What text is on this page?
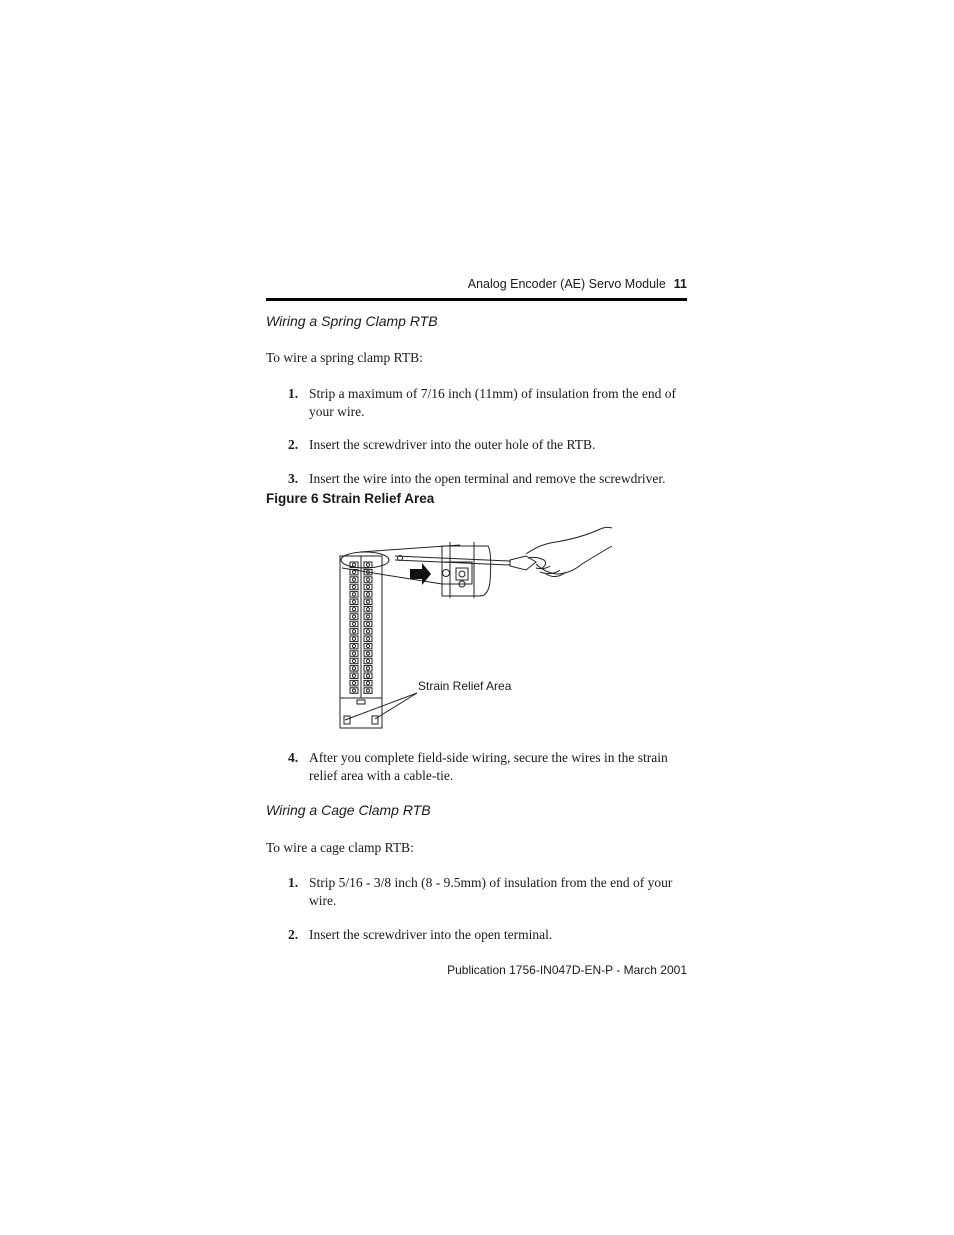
Analog Encoder (AE) Servo Module 11
Wiring a Spring Clamp RTB
To wire a spring clamp RTB:
1. Strip a maximum of 7/16 inch (11mm) of insulation from the end of your wire.
2. Insert the screwdriver into the outer hole of the RTB.
3. Insert the wire into the open terminal and remove the screwdriver.
Figure 6 Strain Relief Area
Strain Relief Area
4. After you complete field-side wiring, secure the wires in the strain relief area with a cable-tie.
Wiring a Cage Clamp RTB
To wire a cage clamp RTB:
1. Strip 5/16 - 3/8 inch (8 - 9.5mm) of insulation from the end of your wire.
2. Insert the screwdriver into the open terminal.
Publication 1756-IN047D-EN-P - March 2001
